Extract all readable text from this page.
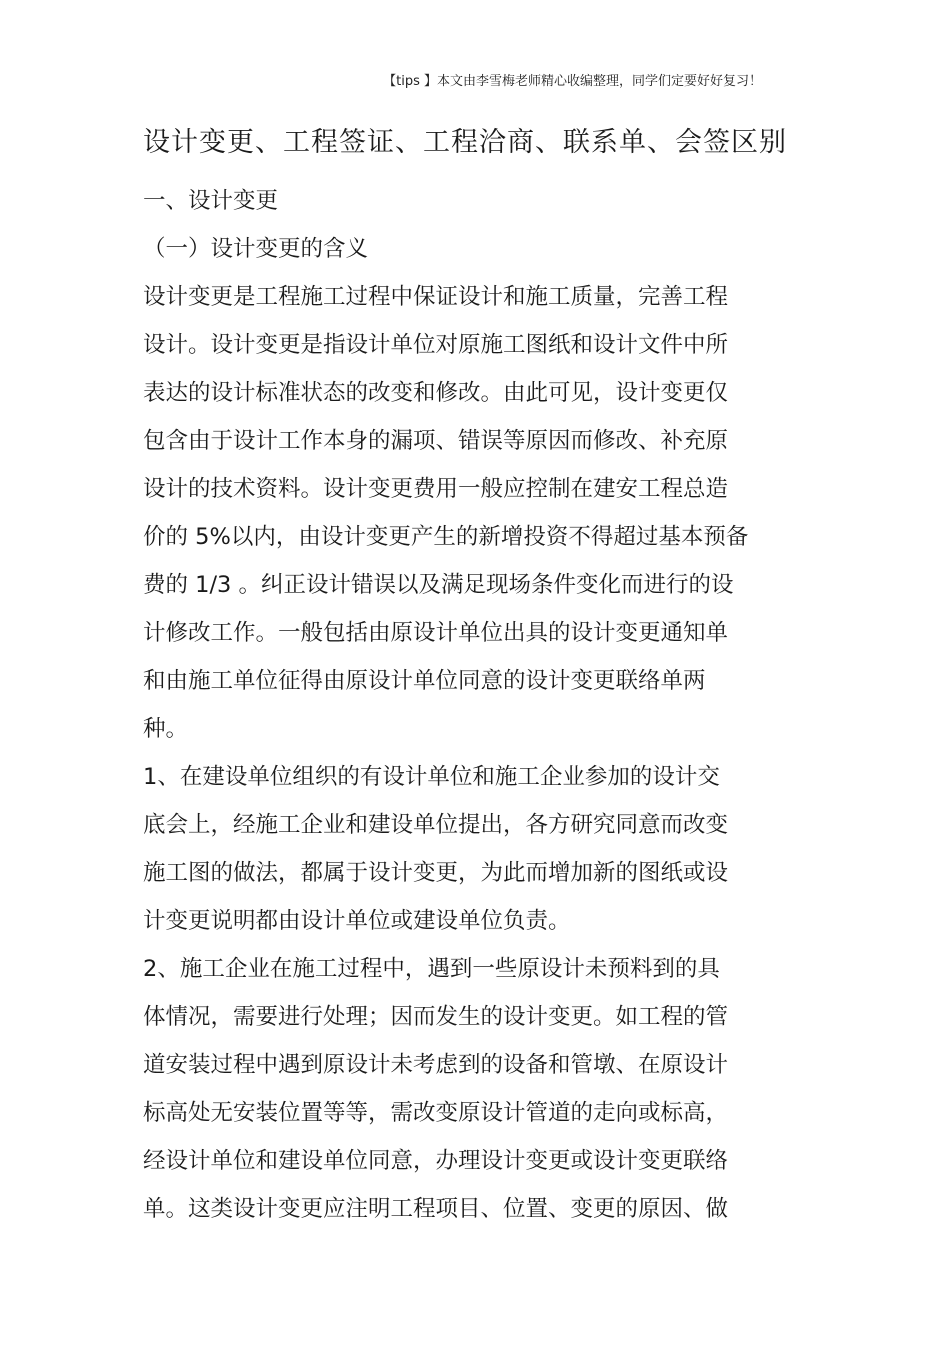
【tips 】本文由李雪梅老师精心收编整理，同学们定要好好复习！
设计变更、工程签证、工程洽商、联系单、会签区别

一、设计变更

（一）设计变更的含义

设计变更是工程施工过程中保证设计和施工质量，完善工程

设计。设计变更是指设计单位对原施工图纸和设计文件中所

表达的设计标准状态的改变和修改。由此可见，设计变更仅

包含由于设计工作本身的漏项、错误等原因而修改、补充原

设计的技术资料。设计变更费用一般应控制在建安工程总造

价的 5%以内，由设计变更产生的新增投资不得超过基本预备

费的 1/3 。纠正设计错误以及满足现场条件变化而进行的设

计修改工作。一般包括由原设计单位出具的设计变更通知单

和由施工单位征得由原设计单位同意的设计变更联络单两

种。

1、在建设单位组织的有设计单位和施工企业参加的设计交

底会上，经施工企业和建设单位提出，各方研究同意而改变

施工图的做法，都属于设计变更，为此而增加新的图纸或设

计变更说明都由设计单位或建设单位负责。

2、施工企业在施工过程中，遇到一些原设计未预料到的具

体情况，需要进行处理；因而发生的设计变更。如工程的管

道安装过程中遇到原设计未考虑到的设备和管墩、在原设计

标高处无安装位置等等，需改变原设计管道的走向或标高，

经设计单位和建设单位同意，办理设计变更或设计变更联络

单。这类设计变更应注明工程项目、位置、变更的原因、做
